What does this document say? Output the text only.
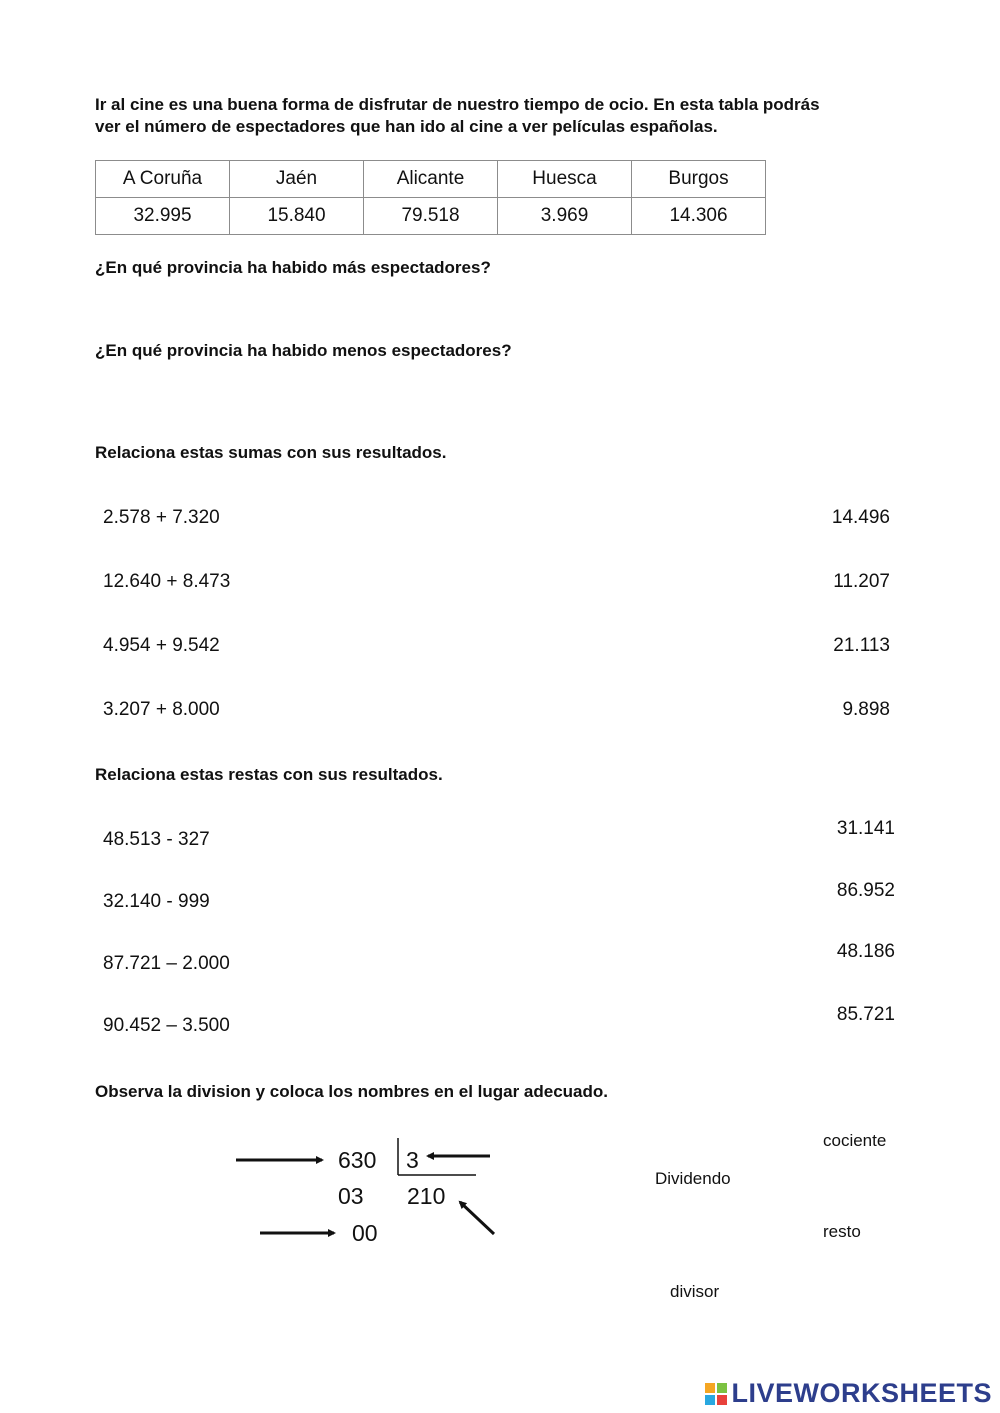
Ir al cine es una buena forma de disfrutar de nuestro tiempo de ocio. En esta tabla podrás
ver el número de espectadores que han ido al cine a ver películas españolas.
A Coruña	Jaén	Alicante	Huesca	Burgos
32.995	15.840	79.518	3.969	14.306
¿En qué provincia ha habido más espectadores?
¿En qué provincia ha habido menos espectadores?
Relaciona estas sumas con sus resultados.
2.578 + 7.320
12.640 + 8.473
4.954 + 9.542
3.207 + 8.000
14.496
11.207
21.113
9.898
Relaciona estas restas con sus resultados.
48.513 - 327
32.140 - 999
87.721 – 2.000
90.452 – 3.500
31.141
86.952
48.186
85.721
Observa la division y coloca los nombres en el lugar adecuado.
630 3
03 210
00
cociente
Dividendo
resto
divisor
LIVEWORKSHEETS
